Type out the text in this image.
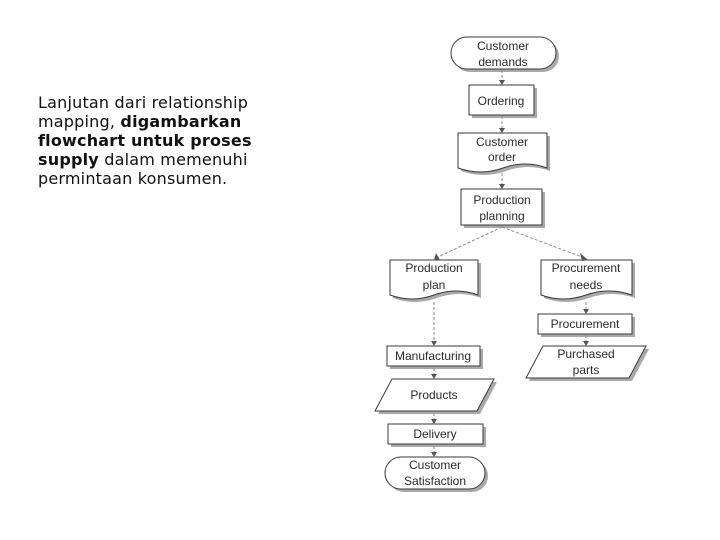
Lanjutan dari relationship mapping, digambarkan flowchart untuk proses supply dalam memenuhi permintaan konsumen.
Customer
demands
Ordering
Customer
order
Production
planning
Production
plan
Procurement
needs
Procurement
Manufacturing	Purchased
parts
Products
Delivery
Customer
Satisfaction
